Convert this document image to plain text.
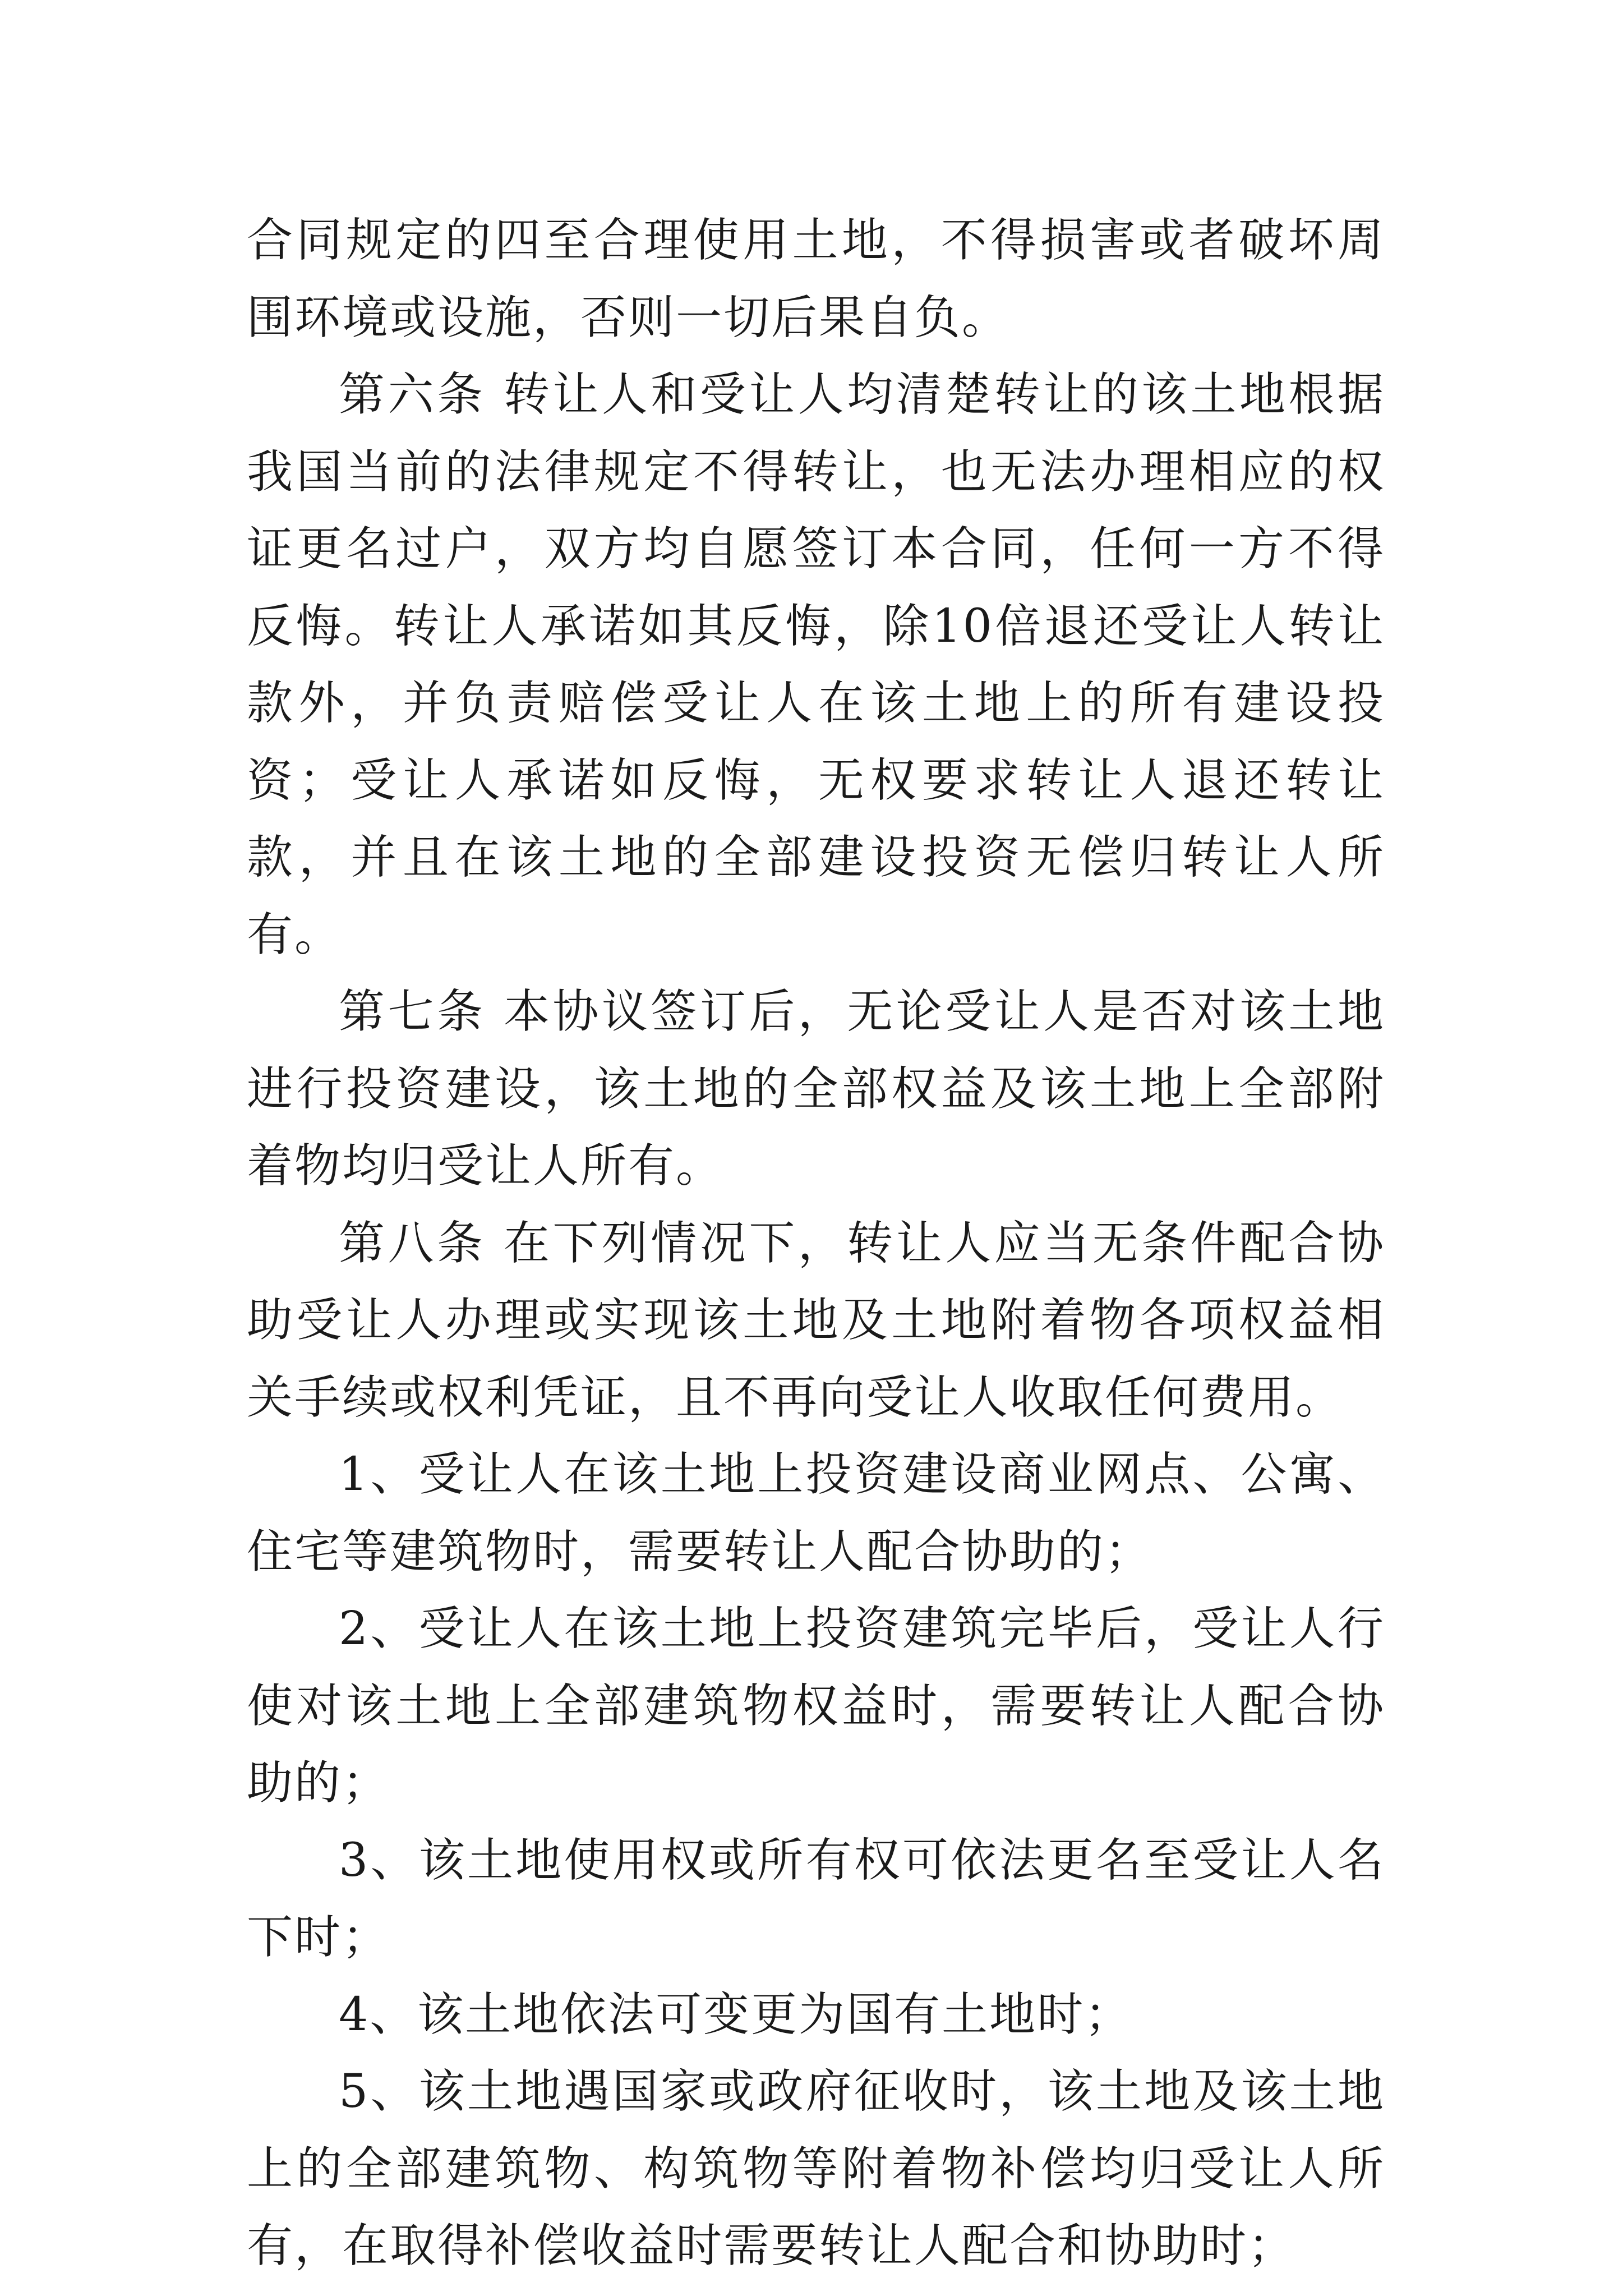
合同规定的四至合理使用土地，不得损害或者破坏周围环境或设施，否则一切后果自负。

第六条 转让人和受让人均清楚转让的该土地根据我国当前的法律规定不得转让，也无法办理相应的权证更名过户，双方均自愿签订本合同，任何一方不得反悔。转让人承诺如其反悔，除10倍退还受让人转让款外，并负责赔偿受让人在该土地上的所有建设投资；受让人承诺如反悔，无权要求转让人退还转让款，并且在该土地的全部建设投资无偿归转让人所有。

第七条 本协议签订后，无论受让人是否对该土地进行投资建设，该土地的全部权益及该土地上全部附着物均归受让人所有。

第八条 在下列情况下，转让人应当无条件配合协助受让人办理或实现该土地及土地附着物各项权益相关手续或权利凭证，且不再向受让人收取任何费用。

1、受让人在该土地上投资建设商业网点、公寓、住宅等建筑物时，需要转让人配合协助的；

2、受让人在该土地上投资建筑完毕后，受让人行使对该土地上全部建筑物权益时，需要转让人配合协助的；

3、该土地使用权或所有权可依法更名至受让人名下时；

4、该土地依法可变更为国有土地时；

5、该土地遇国家或政府征收时，该土地及该土地上的全部建筑物、构筑物等附着物补偿均归受让人所有，在取得补偿收益时需要转让人配合和协助时；
